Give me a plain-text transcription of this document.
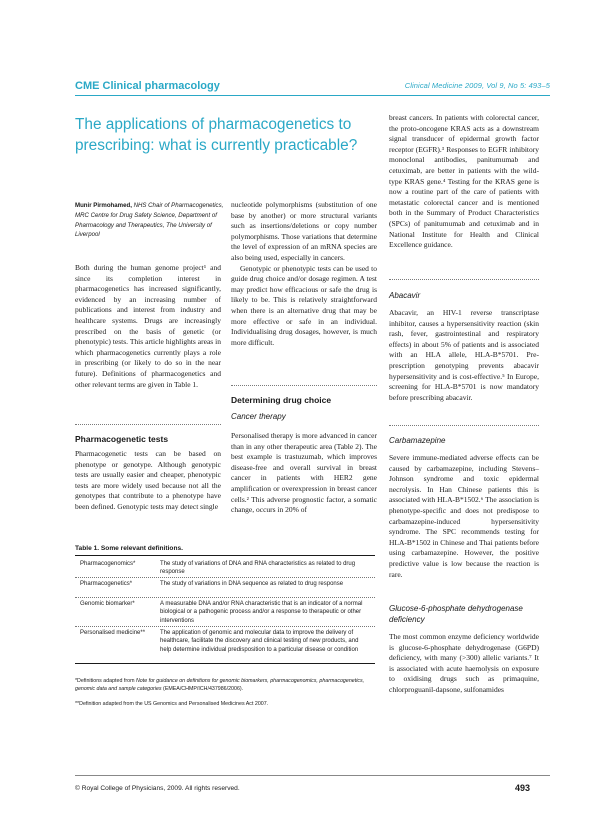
CME Clinical pharmacology	Clinical Medicine 2009, Vol 9, No 5: 493–5
The applications of pharmacogenetics to prescribing: what is currently practicable?
Munir Pirmohamed, NHS Chair of Pharmacogenetics, MRC Centre for Drug Safety Science, Department of Pharmacology and Therapeutics, The University of Liverpool

Both during the human genome project¹ and since its completion interest in pharmacogenetics has increased significantly, evidenced by an increasing number of publications and interest from industry and healthcare systems. Drugs are increasingly prescribed on the basis of genetic (or phenotypic) tests. This article highlights areas in which pharmacogenetics currently plays a role in prescribing (or likely to do so in the near future). Definitions of pharmacogenetics and other relevant terms are given in Table 1.

Pharmacogenetic tests

Pharmacogenetic tests can be based on phenotype or genotype. Although genotypic tests are usually easier and cheaper, phenotypic tests are more widely used because not all the genotypes that contribute to a phenotype have been defined. Genotypic tests may detect single

nucleotide polymorphisms (substitution of one base by another) or more structural variants such as insertions/deletions or copy number polymorphisms. Those variations that determine the level of expression of an mRNA species are also being used, especially in cancers.

Genotypic or phenotypic tests can be used to guide drug choice and/or dosage regimen. A test may predict how efficacious or safe the drug is likely to be. This is relatively straightforward when there is an alternative drug that may be more effective or safe in an individual. Individualising drug dosages, however, is much more difficult.

Determining drug choice
Cancer therapy

Personalised therapy is more advanced in cancer than in any other therapeutic area (Table 2). The best example is trastuzumab, which improves disease-free and overall survival in breast cancer in patients with HER2 gene amplification or overexpression in breast cancer cells.² This adverse prognostic factor, a somatic change, occurs in 20% of

breast cancers. In patients with colorectal cancer, the proto-oncogene KRAS acts as a downstream signal transducer of epidermal growth factor receptor (EGFR).³ Responses to EGFR inhibitory monoclonal antibodies, panitumumab and cetuximab, are better in patients with the wild-type KRAS gene.⁴ Testing for the KRAS gene is now a routine part of the care of patients with metastatic colorectal cancer and is mentioned both in the Summary of Product Characteristics (SPCs) of panitumumab and cetuximab and in National Institute for Health and Clinical Excellence guidance.

Abacavir

Abacavir, an HIV-1 reverse transcriptase inhibitor, causes a hypersensitivity reaction (skin rash, fever, gastrointestinal and respiratory effects) in about 5% of patients and is associated with an HLA allele, HLA-B*5701. Pre-prescription genotyping prevents abacavir hypersensitivity and is cost-effective.⁵ In Europe, screening for HLA-B*5701 is now mandatory before prescribing abacavir.

Carbamazepine

Severe immune-mediated adverse effects can be caused by carbamazepine, including Stevens–Johnson syndrome and toxic epidermal necrolysis. In Han Chinese patients this is associated with HLA-B*1502.⁶ The association is phenotype-specific and does not predispose to carbamazepine-induced hypersensitivity syndrome. The SPC recommends testing for HLA-B*1502 in Chinese and Thai patients before using carbamazepine. However, the positive predictive value is low because the reaction is rare.

Glucose-6-phosphate dehydrogenase deficiency

The most common enzyme deficiency worldwide is glucose-6-phosphate dehydrogenase (G6PD) deficiency, with many (>300) allelic variants.⁷ It is associated with acute haemolysis on exposure to oxidising drugs such as primaquine, chlorproguanil-dapsone, sulfonamides

Table 1. Some relevant definitions.
Pharmacogenomics*	The study of variations of DNA and RNA characteristics as related to drug response
Pharmacogenetics*	The study of variations in DNA sequence as related to drug response
Genomic biomarker*	A measurable DNA and/or RNA characteristic that is an indicator of a normal biological or a pathogenic process and/or a response to therapeutic or other interventions
Personalised medicine**	The application of genomic and molecular data to improve the delivery of healthcare, facilitate the discovery and clinical testing of new products, and help determine individual predisposition to a particular disease or condition
*Definitions adapted from Note for guidance on definitions for genomic biomarkers, pharmacogenomics, pharmacogenetics, genomic data and sample categories (EMEA/CHMP/ICH/437986/2006).
**Definition adapted from the US Genomics and Personalised Medicines Act 2007.
© Royal College of Physicians, 2009. All rights reserved.	493
